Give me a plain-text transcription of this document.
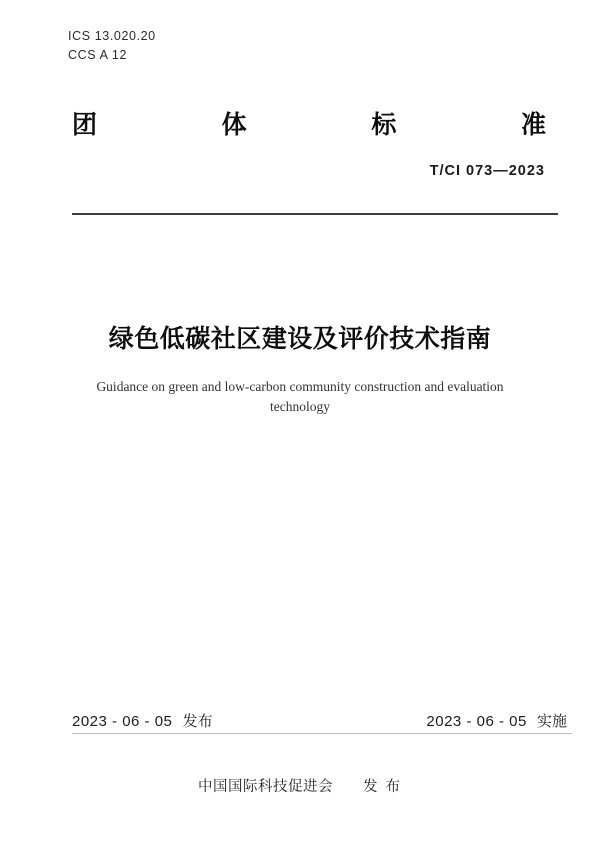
ICS 13.020.20
CCS A 12
团	体	标	准
T/CI 073—2023
绿色低碳社区建设及评价技术指南
Guidance on green and low-carbon community construction and evaluation
technology
2023 - 06 - 05 发布	2023 - 06 - 05 实施
中国国际科技促进会 发 布
